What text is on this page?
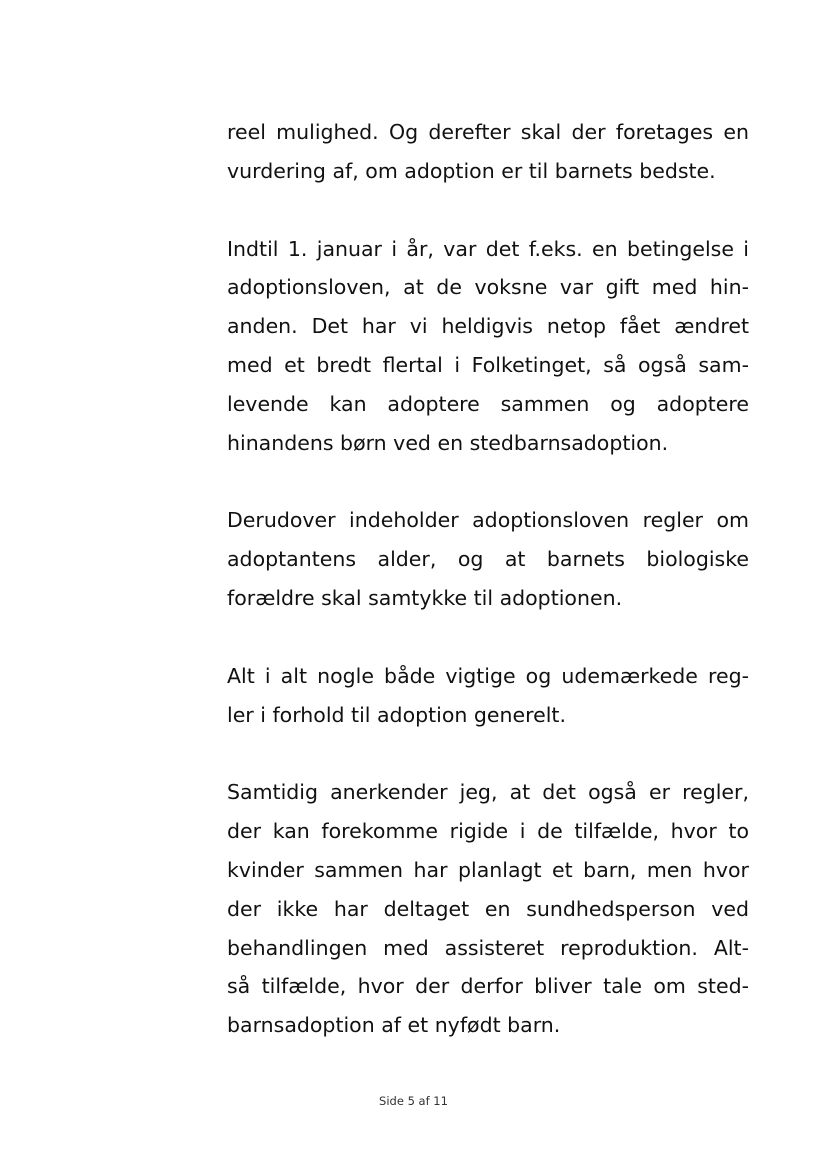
reel mulighed. Og derefter skal der foretages en
vurdering af, om adoption er til barnets bedste.

Indtil 1. januar i år, var det f.eks. en betingelse i
adoptionsloven, at de voksne var gift med hin-
anden. Det har vi heldigvis netop fået ændret
med et bredt flertal i Folketinget, så også sam-
levende kan adoptere sammen og adoptere
hinandens børn ved en stedbarnsadoption.

Derudover indeholder adoptionsloven regler om
adoptantens alder, og at barnets biologiske
forældre skal samtykke til adoptionen.

Alt i alt nogle både vigtige og udemærkede reg-
ler i forhold til adoption generelt.

Samtidig anerkender jeg, at det også er regler,
der kan forekomme rigide i de tilfælde, hvor to
kvinder sammen har planlagt et barn, men hvor
der ikke har deltaget en sundhedsperson ved
behandlingen med assisteret reproduktion. Alt-
så tilfælde, hvor der derfor bliver tale om sted-
barnsadoption af et nyfødt barn.

Side 5 af 11
